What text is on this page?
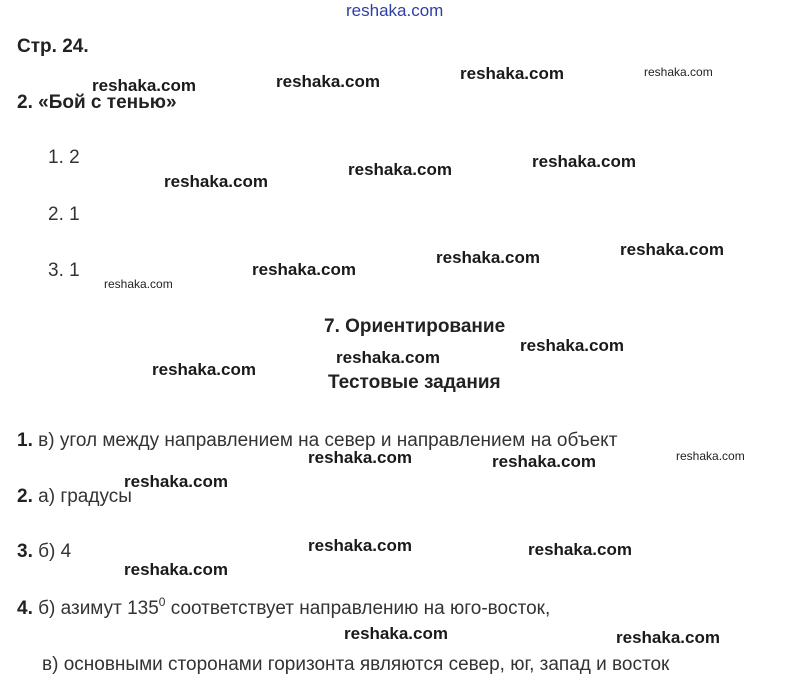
reshaka.com
Стр. 24.
2. «Бой с тенью»
1. 2
2. 1
3. 1
7. Ориентирование
Тестовые задания
1. в) угол между направлением на север и направлением на объект
2. а) градусы
3. б) 4
4. б) азимут $135^0$ соответствует направлению на юго-восток,
в) основными сторонами горизонта являются север, юг, запад и восток
reshaka.com	reshaka.com	reshaka.com	reshaka.com
reshaka.com
reshaka.com	reshaka.com
reshaka.com
reshaka.com
reshaka.com	reshaka.com
reshaka.com
reshaka.com
reshaka.com
reshaka.com	reshaka.com	reshaka.com
reshaka.com
reshaka.com	reshaka.com
reshaka.com
reshaka.com	reshaka.com
